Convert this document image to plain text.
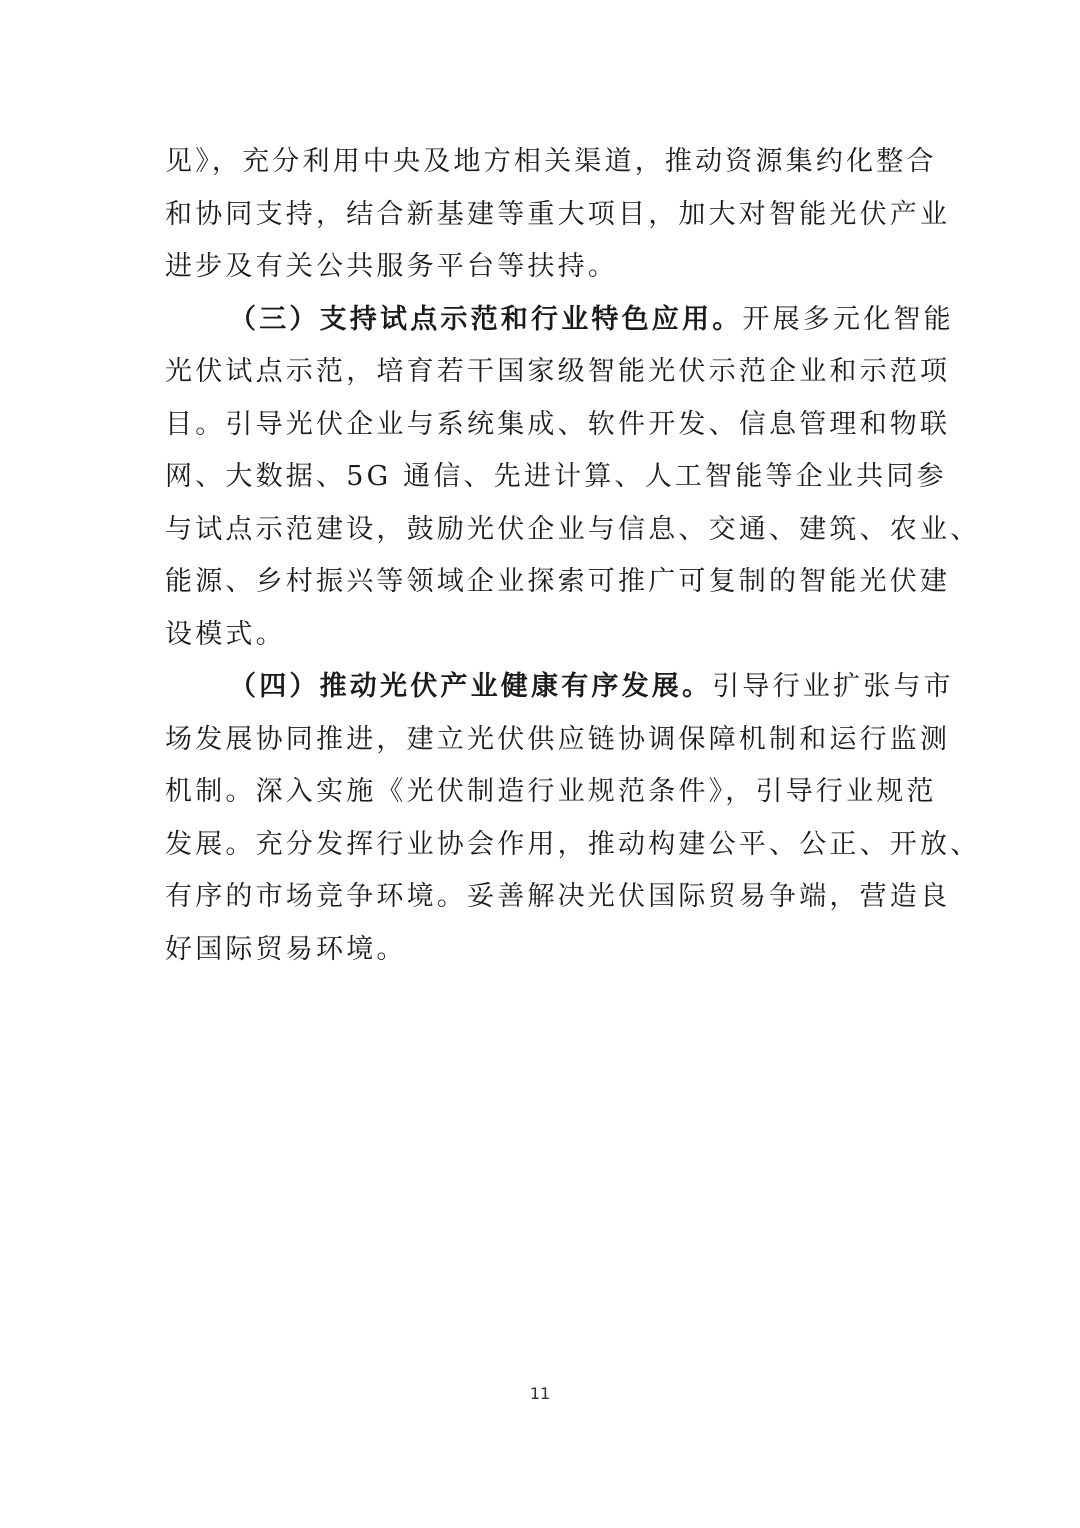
见》，充分利用中央及地方相关渠道，推动资源集约化整合
和协同支持，结合新基建等重大项目，加大对智能光伏产业
进步及有关公共服务平台等扶持。
（三）支持试点示范和行业特色应用。开展多元化智能
光伏试点示范，培育若干国家级智能光伏示范企业和示范项
目。引导光伏企业与系统集成、软件开发、信息管理和物联
网、大数据、5G 通信、先进计算、人工智能等企业共同参
与试点示范建设，鼓励光伏企业与信息、交通、建筑、农业、
能源、乡村振兴等领域企业探索可推广可复制的智能光伏建
设模式。
（四）推动光伏产业健康有序发展。引导行业扩张与市
场发展协同推进，建立光伏供应链协调保障机制和运行监测
机制。深入实施《光伏制造行业规范条件》，引导行业规范
发展。充分发挥行业协会作用，推动构建公平、公正、开放、
有序的市场竞争环境。妥善解决光伏国际贸易争端，营造良
好国际贸易环境。
11
